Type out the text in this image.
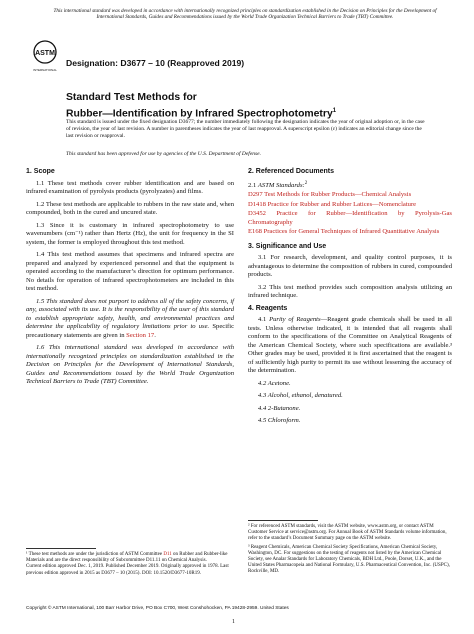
This international standard was developed in accordance with internationally recognized principles on standardization established in the Decision on Principles for the Development of International Standards, Guides and Recommendations issued by the World Trade Organization Technical Barriers to Trade (TBT) Committee.
ASTM
INTERNATIONAL
Designation: D3677 – 10 (Reapproved 2019)
Standard Test Methods for
Rubber—Identification by Infrared Spectrophotometry$^1$
This standard is issued under the fixed designation D3677; the number immediately following the designation indicates the year of original adoption or, in the case of revision, the year of last revision. A number in parentheses indicates the year of last reapproval. A superscript epsilon (ε) indicates an editorial change since the last revision or reapproval.
This standard has been approved for use by agencies of the U.S. Department of Defense.
1. Scope

1.1 These test methods cover rubber identification and are based on infrared examination of pyrolysis products (pyrolyzates) and films.

1.2 These test methods are applicable to rubbers in the raw state and, when compounded, both in the cured and uncured state.

1.3 Since it is customary in infrared spectrophotometry to use wavenumbers (cm⁻¹) rather than Hertz (Hz), the unit for frequency in the SI system, the former is employed throughout this test method.

1.4 This test method assumes that specimens and infrared spectra are prepared and analyzed by experienced personnel and that the equipment is operated according to the manufacturer’s direction for optimum performance. No details for operation of infrared spectrophotometers are included in this test method.

1.5 This standard does not purport to address all of the safety concerns, if any, associated with its use. It is the responsibility of the user of this standard to establish appropriate safety, health, and environmental practices and determine the applicability of regulatory limitations prior to use. Specific precautionary statements are given in Section 17.

1.6 This international standard was developed in accordance with internationally recognized principles on standardization established in the Decision on Principles for the Development of International Standards, Guides and Recommendations issued by the World Trade Organization Technical Barriers to Trade (TBT) Committee.

¹ These test methods are under the jurisdiction of ASTM Committee D11 on Rubber and Rubber-like Materials and are the direct responsibility of Subcommittee D11.11 on Chemical Analysis.
Current edition approved Dec. 1, 2019. Published December 2019. Originally approved in 1978. Last previous edition approved in 2015 as D3677 – 10 (2015). DOI: 10.1520/D3677-10R19.
2. Referenced Documents
2.1 ASTM Standards:$^2$
D297 Test Methods for Rubber Products—Chemical Analysis
D1418 Practice for Rubber and Rubber Latices—Nomenclature
D3452 Practice for Rubber—Identification by Pyrolysis-Gas Chromatography
E168 Practices for General Techniques of Infrared Quantitative Analysis
3. Significance and Use

3.1 For research, development, and quality control purposes, it is advantageous to determine the composition of rubbers in cured, compounded products.

3.2 This test method provides such composition analysis utilizing an infrared technique.

4. Reagents

4.1 Purity of Reagents—Reagent grade chemicals shall be used in all tests. Unless otherwise indicated, it is intended that all reagents shall conform to the specifications of the Committee on Analytical Reagents of the American Chemical Society, where such specifications are available.³ Other grades may be used, provided it is first ascertained that the reagent is of sufficiently high purity to permit its use without lessening the accuracy of the determination.

4.2 Acetone.

4.3 Alcohol, ethanol, denatured.

4.4 2-Butanone.

4.5 Chloroform.

² For referenced ASTM standards, visit the ASTM website, www.astm.org, or contact ASTM Customer Service at service@astm.org. For Annual Book of ASTM Standards volume information, refer to the standard’s Document Summary page on the ASTM website.
³ Reagent Chemicals, American Chemical Society Specifications, American Chemical Society, Washington, DC. For suggestions on the testing of reagents not listed by the American Chemical Society, see Analar Standards for Laboratory Chemicals, BDH Ltd., Poole, Dorset, U.K., and the United States Pharmacopeia and National Formulary, U.S. Pharmaceutical Convention, Inc. (USPC), Rockville, MD.
Copyright © ASTM International, 100 Barr Harbor Drive, PO Box C700, West Conshohocken, PA 19428-2959. United States
1
